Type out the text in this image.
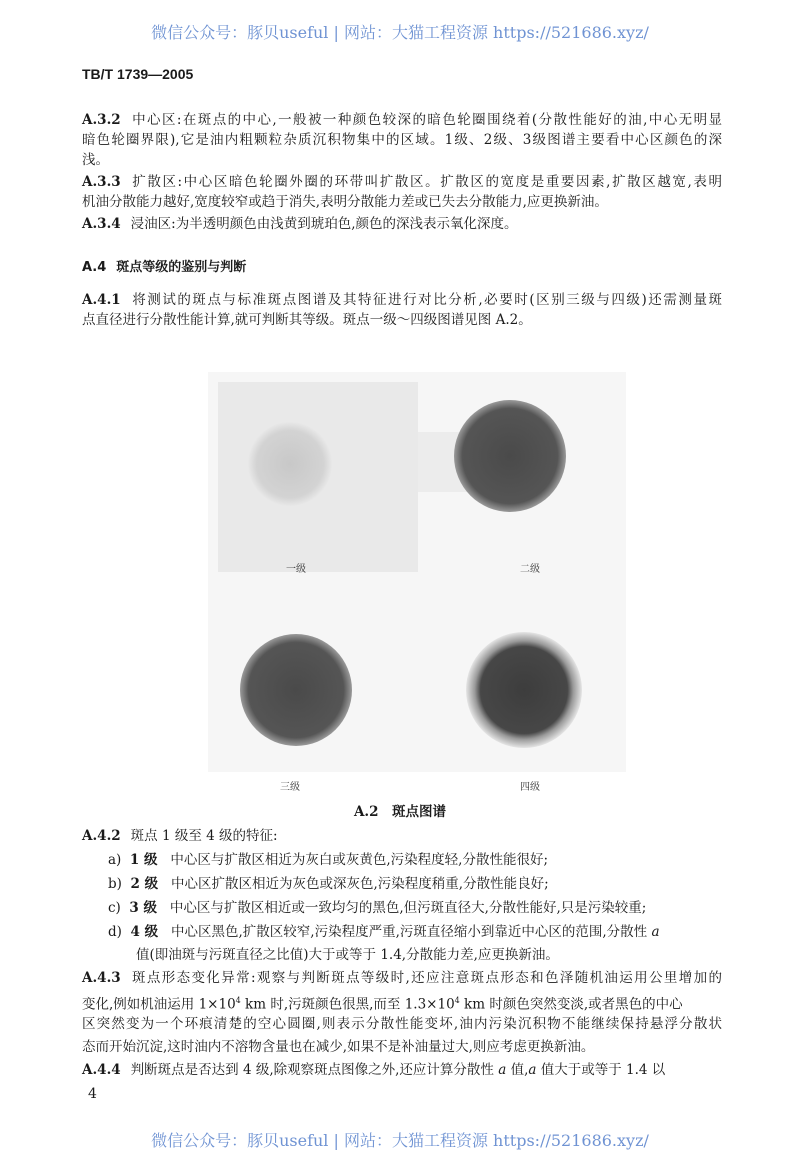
微信公众号：豚贝useful | 网站：大猫工程资源 https://521686.xyz/
TB/T 1739—2005
A.3.2 中心区:在斑点的中心,一般被一种颜色较深的暗色轮圈围绕着(分散性能好的油,中心无明显
暗色轮圈界限),它是油内粗颗粒杂质沉积物集中的区域。1级、2级、3级图谱主要看中心区颜色的深
浅。
A.3.3 扩散区:中心区暗色轮圈外圈的环带叫扩散区。扩散区的宽度是重要因素,扩散区越宽,表明
机油分散能力越好,宽度较窄或趋于消失,表明分散能力差或已失去分散能力,应更换新油。
A.3.4 浸油区:为半透明颜色由浅黄到琥珀色,颜色的深浅表示氧化深度。
A.4 斑点等级的鉴别与判断
A.4.1 将测试的斑点与标准斑点图谱及其特征进行对比分析,必要时(区别三级与四级)还需测量斑
点直径进行分散性能计算,就可判断其等级。斑点一级～四级图谱见图 A.2。
一级	二级
三级	四级
A.2　斑点图谱
A.4.2 斑点 1 级至 4 级的特征:
a) 1 级 中心区与扩散区相近为灰白或灰黄色,污染程度轻,分散性能很好;
b) 2 级 中心区扩散区相近为灰色或深灰色,污染程度稍重,分散性能良好;
c) 3 级 中心区与扩散区相近或一致均匀的黑色,但污斑直径大,分散性能好,只是污染较重;
d) 4 级 中心区黑色,扩散区较窄,污染程度严重,污斑直径缩小到靠近中心区的范围,分散性 a
值(即油斑与污斑直径之比值)大于或等于 1.4,分散能力差,应更换新油。
A.4.3 斑点形态变化异常:观察与判断斑点等级时,还应注意斑点形态和色泽随机油运用公里增加的
变化,例如机油运用 $1\times 10^4$ km 时,污斑颜色很黑,而至 $1.3\times 10^4$ km 时颜色突然变淡,或者黑色的中心
区突然变为一个环痕清楚的空心圆圈,则表示分散性能变坏,油内污染沉积物不能继续保持悬浮分散状
态而开始沉淀,这时油内不溶物含量也在减少,如果不是补油量过大,则应考虑更换新油。
A.4.4 判断斑点是否达到 4 级,除观察斑点图像之外,还应计算分散性 a 值,a 值大于或等于 1.4 以
4
微信公众号：豚贝useful | 网站：大猫工程资源 https://521686.xyz/
